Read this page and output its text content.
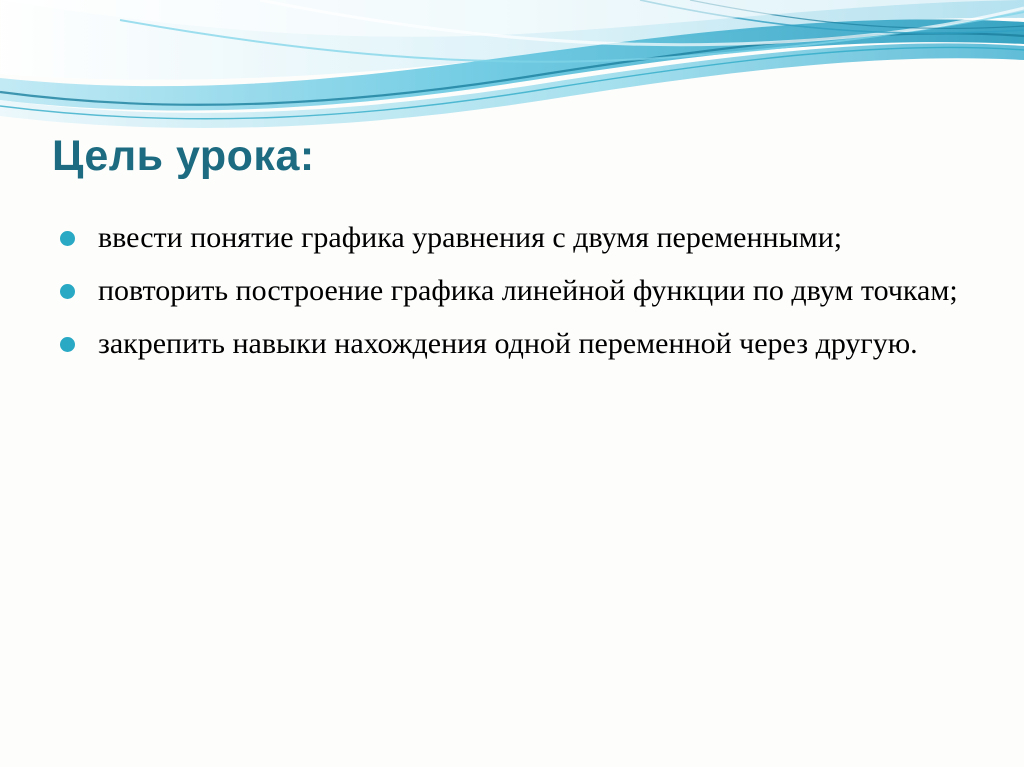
Цель урока:
ввести понятие графика уравнения с двумя переменными;
повторить построение графика линейной функции по двум точкам;
закрепить навыки нахождения одной переменной через другую.
